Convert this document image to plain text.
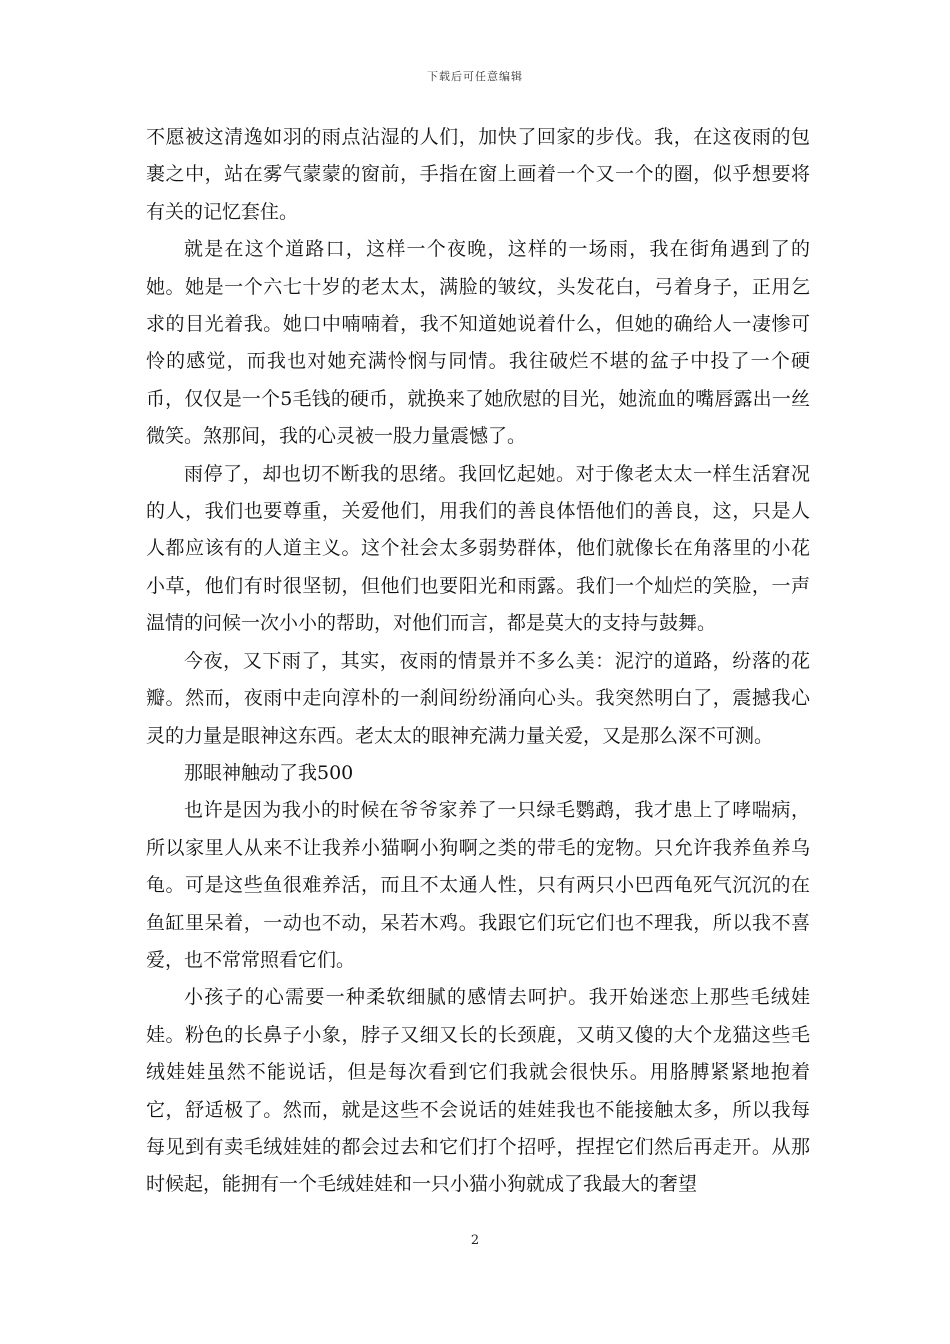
下载后可任意编辑

不愿被这清逸如羽的雨点沾湿的人们，加快了回家的步伐。我，在这夜雨的包裹之中，站在雾气蒙蒙的窗前，手指在窗上画着一个又一个的圈，似乎想要将有关的记忆套住。

就是在这个道路口，这样一个夜晚，这样的一场雨，我在街角遇到了的她。她是一个六七十岁的老太太，满脸的皱纹，头发花白，弓着身子，正用乞求的目光着我。她口中喃喃着，我不知道她说着什么，但她的确给人一凄惨可怜的感觉，而我也对她充满怜悯与同情。我往破烂不堪的盆子中投了一个硬币，仅仅是一个5毛钱的硬币，就换来了她欣慰的目光，她流血的嘴唇露出一丝微笑。煞那间，我的心灵被一股力量震憾了。

雨停了，却也切不断我的思绪。我回忆起她。对于像老太太一样生活窘况的人，我们也要尊重，关爱他们，用我们的善良体悟他们的善良，这，只是人人都应该有的人道主义。这个社会太多弱势群体，他们就像长在角落里的小花小草，他们有时很坚韧，但他们也要阳光和雨露。我们一个灿烂的笑脸，一声温情的问候一次小小的帮助，对他们而言，都是莫大的支持与鼓舞。

今夜，又下雨了，其实，夜雨的情景并不多么美：泥泞的道路，纷落的花瓣。然而，夜雨中走向淳朴的一刹间纷纷涌向心头。我突然明白了，震撼我心灵的力量是眼神这东西。老太太的眼神充满力量关爱，又是那么深不可测。

那眼神触动了我500

也许是因为我小的时候在爷爷家养了一只绿毛鹦鹉，我才患上了哮喘病，所以家里人从来不让我养小猫啊小狗啊之类的带毛的宠物。只允许我养鱼养乌龟。可是这些鱼很难养活，而且不太通人性，只有两只小巴西龟死气沉沉的在鱼缸里呆着，一动也不动，呆若木鸡。我跟它们玩它们也不理我，所以我不喜爱，也不常常照看它们。

小孩子的心需要一种柔软细腻的感情去呵护。我开始迷恋上那些毛绒娃娃。粉色的长鼻子小象，脖子又细又长的长颈鹿，又萌又傻的大个龙猫这些毛绒娃娃虽然不能说话，但是每次看到它们我就会很快乐。用胳膊紧紧地抱着它，舒适极了。然而，就是这些不会说话的娃娃我也不能接触太多，所以我每每见到有卖毛绒娃娃的都会过去和它们打个招呼，捏捏它们然后再走开。从那时候起，能拥有一个毛绒娃娃和一只小猫小狗就成了我最大的奢望

2
